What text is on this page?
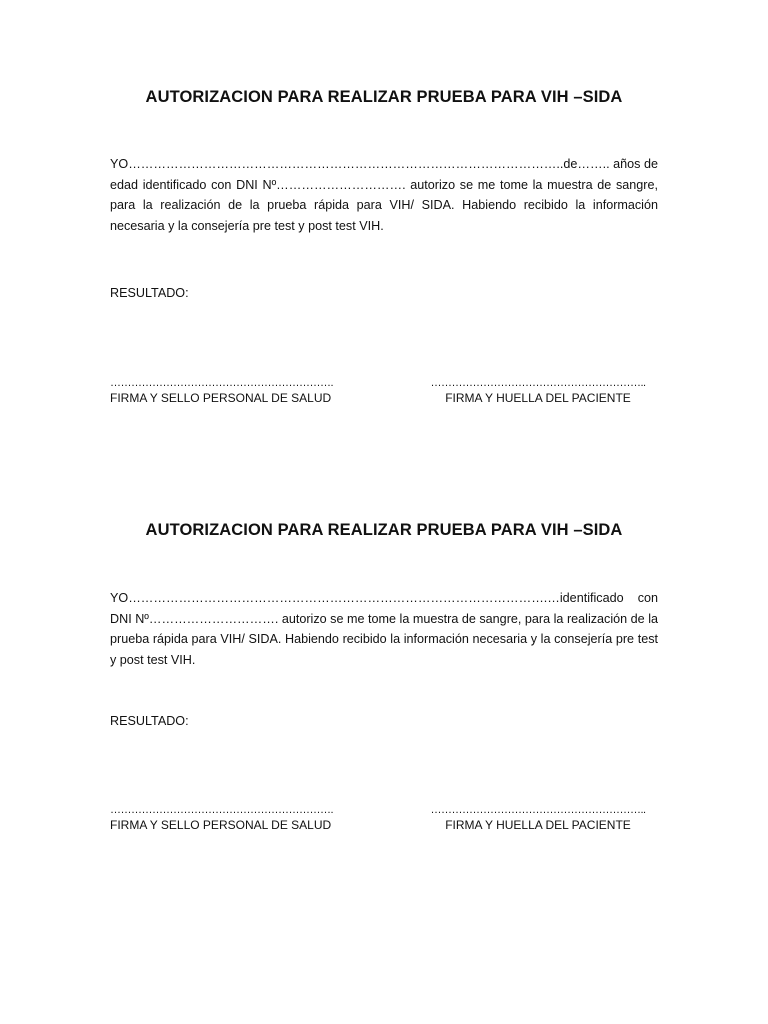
AUTORIZACION PARA REALIZAR PRUEBA PARA VIH –SIDA

YO…………………………………………………………………………………………..de…….. años de edad identificado con DNI Nº…………………………. autorizo se me tome la muestra de sangre, para la realización de la prueba rápida para VIH/ SIDA. Habiendo recibido la información necesaria y la consejería pre test y post test VIH.

RESULTADO:

……………………………………………………….
FIRMA Y SELLO PERSONAL DE SALUD
……………………………………………………..
FIRMA Y HUELLA DEL PACIENTE
AUTORIZACION PARA REALIZAR PRUEBA PARA VIH –SIDA

YO……………………………………………………………………………………….…identificado con DNI Nº…………………………. autorizo se me tome la muestra de sangre, para la realización de la prueba rápida para VIH/ SIDA. Habiendo recibido la información necesaria y la consejería pre test y post test VIH.

RESULTADO:

……………………………………………………….
FIRMA Y SELLO PERSONAL DE SALUD
……………………………………………………..
FIRMA Y HUELLA DEL PACIENTE
